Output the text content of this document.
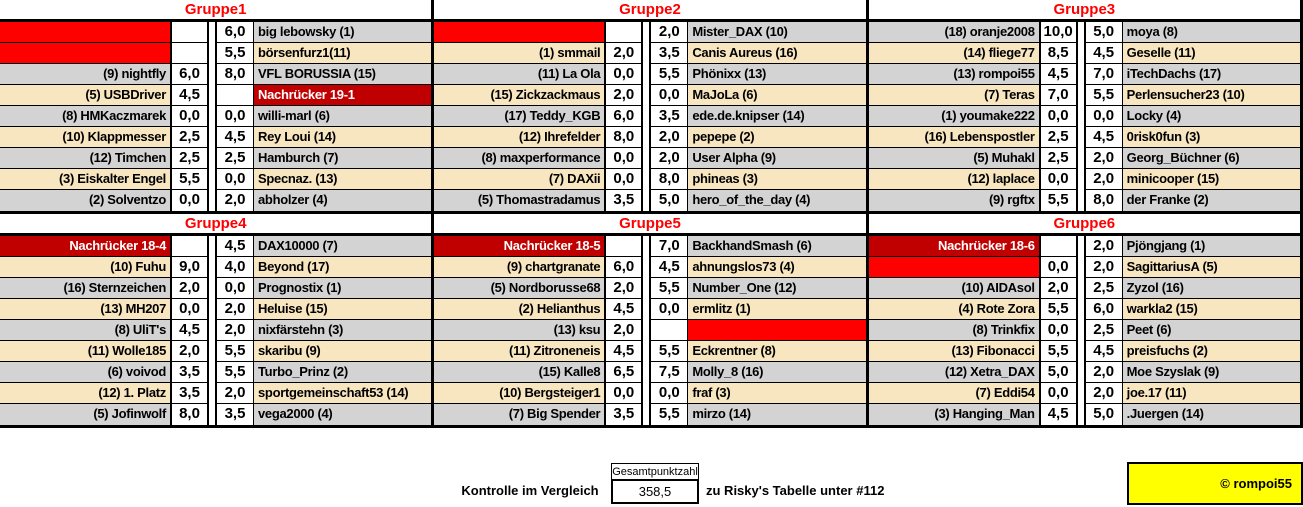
Gruppe1
6,0 big lebowsky (1)
5,5 börsenfurz1(11)
(9) nightfly 6,0	8,0 VFL BORUSSIA (15)
(5) USBDriver 4,5	Nachrücker 19-1
(8) HMKaczmarek 0,0	0,0 willi-marl (6)
(10) Klappmesser 2,5	4,5 Rey Loui (14)
(12) Timchen 2,5	2,5 Hamburch (7)
(3) Eiskalter Engel 5,5	0,0 Specnaz. (13)
(2) Solventzo 0,0	2,0 abholzer (4)
Gruppe2
2,0 Mister_DAX (10)
(1) smmail 2,0	3,5 Canis Aureus (16)
(11) La Ola 0,0	5,5 Phönixx (13)
(15) Zickzackmaus 2,0	0,0 MaJoLa (6)
(17) Teddy_KGB 6,0	3,5 ede.de.knipser (14)
(12) Ihrefelder 8,0	2,0 pepepe (2)
(8) maxperformance 0,0	2,0 User Alpha (9)
(7) DAXii 0,0	8,0 phineas (3)
(5) Thomastradamus 3,5	5,0 hero_of_the_day (4)
Gruppe3
(18) oranje2008 10,0	5,0 moya (8)
(14) fliege77 8,5	4,5 Geselle (11)
(13) rompoi55 4,5	7,0 iTechDachs (17)
(7) Teras 7,0	5,5 Perlensucher23 (10)
(1) youmake222 0,0	0,0 Locky (4)
(16) Lebenspostler 2,5	4,5 0risk0fun (3)
(5) Muhakl 2,5	2,0 Georg_Büchner (6)
(12) laplace 0,0	2,0 minicooper (15)
(9) rgftx 5,5	8,0 der Franke (2)
Gruppe4
Nachrücker 18-4	4,5 DAX10000 (7)
(10) Fuhu 9,0	4,0 Beyond (17)
(16) Sternzeichen 2,0	0,0 Prognostix (1)
(13) MH207 0,0	2,0 Heluise (15)
(8) UliT's 4,5	2,0 nixfärstehn (3)
(11) Wolle185 2,0	5,5 skaribu (9)
(6) voivod 3,5	5,5 Turbo_Prinz (2)
(12) 1. Platz 3,5	2,0 sportgemeinschaft53 (14)
(5) Jofinwolf 8,0	3,5 vega2000 (4)
Gruppe5
Nachrücker 18-5	7,0 BackhandSmash (6)
(9) chartgranate 6,0	4,5 ahnungslos73 (4)
(5) Nordborusse68 2,0	5,5 Number_One (12)
(2) Helianthus 4,5	0,0 ermlitz (1)
(13) ksu 2,0
(11) Zitroneneis 4,5	5,5 Eckrentner (8)
(15) Kalle8 6,5	7,5 Molly_8 (16)
(10) Bergsteiger1 0,0	0,0 fraf (3)
(7) Big Spender 3,5	5,5 mirzo (14)
Gruppe6
Nachrücker 18-6	2,0 Pjöngjang (1)
0,0	2,0 SagittariusA (5)
(10) AIDAsol 2,0	2,5 Zyzol (16)
(4) Rote Zora 5,5	6,0 warkla2 (15)
(8) Trinkfix 0,0	2,5 Peet (6)
(13) Fibonacci 5,5	4,5 preisfuchs (2)
(12) Xetra_DAX 5,0	2,0 Moe Szyslak (9)
(7) Eddi54 0,0	2,0 joe.17 (11)
(3) Hanging_Man 4,5	5,0 .Juergen (14)
Kontrolle im Vergleich
Gesamtpunktzahl
358,5	zu Risky's Tabelle unter #112	© rompoi55
